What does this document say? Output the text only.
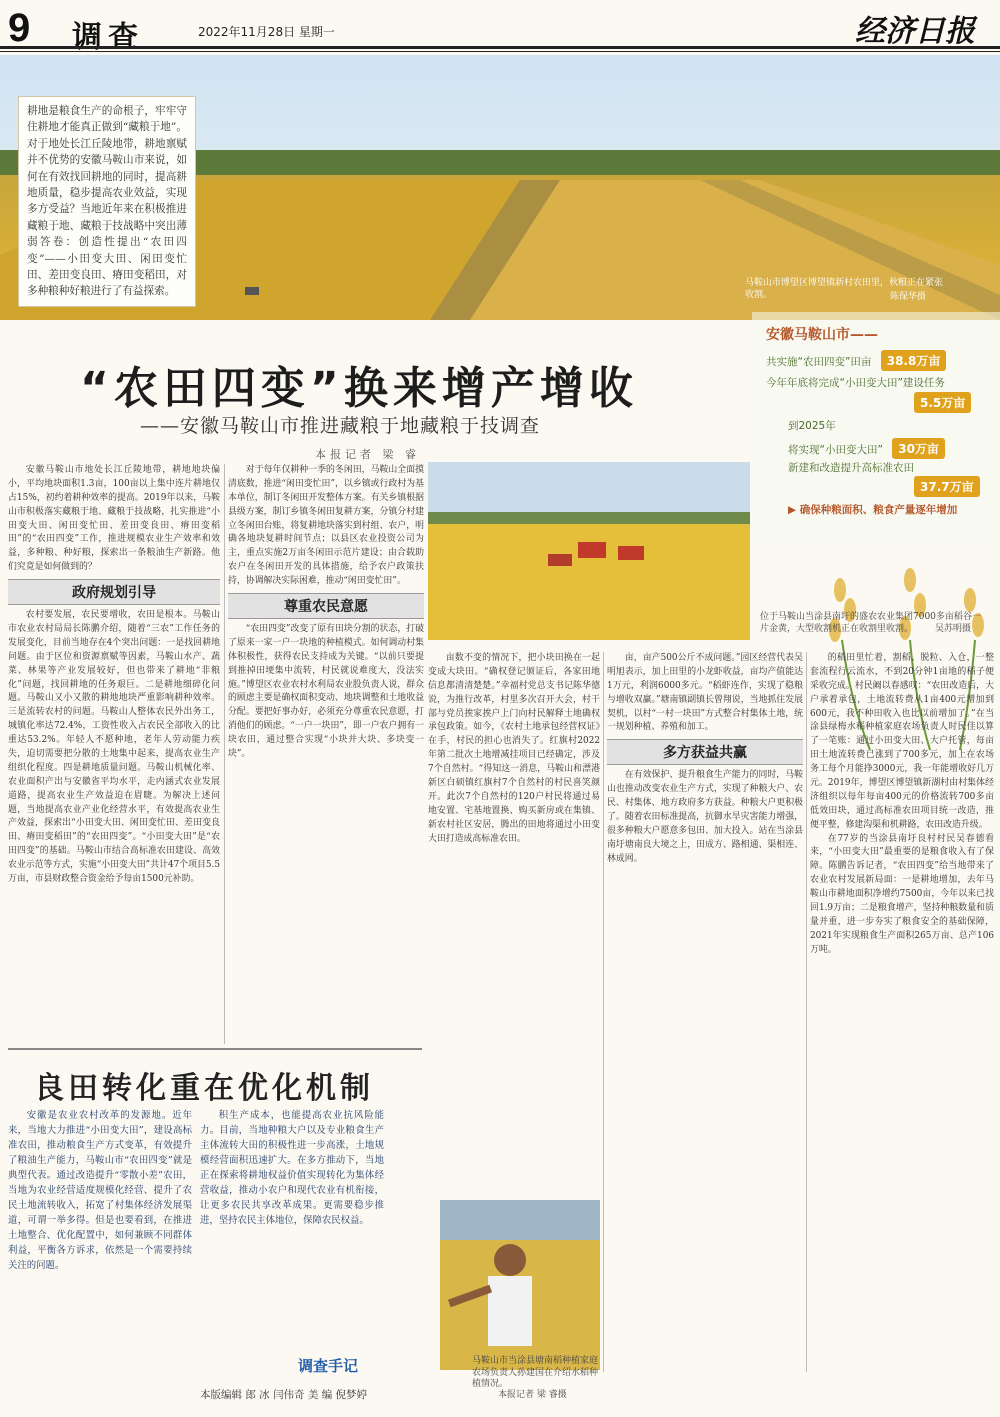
9 调查	2022年11月28日 星期一	经济日报
耕地是粮食生产的命根子，牢牢守住耕地才能真正做到“藏粮于地”。对于地处长江丘陵地带，耕地禀赋并不优势的安徽马鞍山市来说，如何在有效找回耕地的同时，提高耕地质量，稳步提高农业效益，实现多方受益？当地近年来在积极推进藏粮于地、藏粮于技战略中突出薄弱答卷：创造性提出“农田四变”——小田变大田、闲田变忙田、差田变良田、瘠田变稻田，对多种粮种好粮进行了有益探索。
马鞍山市博望区博望镇新村农田里，秋粮正在紧张收割。	陈保华摄
“农田四变”换来增产增收
——安徽马鞍山市推进藏粮于地藏粮于技调查
本报记者 梁 睿
安徽马鞍山市——
共实施“农田四变”田亩 38.8万亩
今年年底将完成“小田变大田”建设任务
5.5万亩
到2025年
将实现“小田变大田” 30万亩
新建和改造提升高标准农田
37.7万亩
▶ 确保种粮面积、粮食产量逐年增加

安徽马鞍山市地处长江丘陵地带，耕地地块偏小，平均地块面积1.3亩，100亩以上集中连片耕地仅占15%，初约着耕种效率的提高。2019年以来，马鞍山市积极落实藏粮于地、藏粮于技战略，扎实推进“小田变大田、闲田变忙田、差田变良田、瘠田变稻田”的“农田四变”工作，推进规模农业生产效率和效益，多种粮、种好粮，探索出一条粮油生产新路。他们究竟是如何做到的？

政府规划引导

农村要发展，农民要增收，农田是根本。马鞍山市农业农村局局长陈鹏介绍，随着“三农”工作任务的发展变化，目前当地存在4个突出问题：一是找回耕地问题。由于区位和资源禀赋等因素，马鞍山水产、蔬菜、林果等产业发展较好，但也带来了耕地“非粮化”问题，找回耕地的任务艰巨。二是耕地细碎化问题。马鞍山又小又散的耕地地块严重影响耕种效率。三是流转农村的问题。马鞍山人整体农民外出务工，城镇化率达72.4%，工资性收入占农民全部收入的比重达53.2%。年轻人不愿种地，老年人劳动能力疾失，迫切需要把分散的土地集中起来，提高农业生产组织化程度。四是耕地质量问题。马鞍山机械化率、农业面积产出与安徽省平均水平，走内涵式农业发展道路，提高农业生产效益迫在眉睫。为解决上述问题，当地提高农业产业化经营水平，有效提高农业生产效益，探索出“小田变大田、闲田变忙田、差田变良田、瘠田变稻田”的“农田四变”。“小田变大田”是“农田四变”的基础。马鞍山市结合高标准农田建设、高效农业示范等方式，实施“小田变大田”共计47个项目5.5万亩，市县财政整合资金给予每亩1500元补助。

对于每年仅耕种一季的冬闲田，马鞍山全面摸清底数，推进“闲田变忙田”，以乡镇或行政村为基本单位，制订冬闲田开发整体方案。有关乡镇根据县级方案，制订乡镇冬闲田复耕方案，分镇分村建立冬闲田台账，将复耕地块落实到村组、农户，明确各地块复耕时间节点；以县区农业投资公司为主，重点实施2万亩冬闲田示范片建设；由合载助农户在冬闲田开发的具体措施，给予农户政策扶持，协调解决实际困难，推动“闲田变忙田”。

尊重农民意愿

“农田四变”改变了原有田块分割的状态，打破了原来一家一户一块地的种植模式。如何调动村集体积极性，获得农民支持成为关键。“以前只要提到推掉田埂集中流转，村民就说难度大，没法实施。”博望区农业农村水利局农业股负责人说，群众的顾虑主要是确权面积变动、地块调整和土地收益分配。要把好事办好，必须充分尊重农民意愿，打消他们的顾虑。“一户一块田”，即一户农户拥有一块农田，通过整合实现“小块并大块、多块变一块”。

位于马鞍山当涂县南圩的盛农农业集团7000多亩稻谷一片金黄，大型收割机正在收割里收割。	吴苏明摄

亩数不变的情况下，把小块田换在一起变成大块田。“确权登记颁证后，各家田地信息都清清楚楚。”幸福村党总支书记陈华德说，为推行改革，村里多次召开大会，村干部与党员挨家挨户上门向村民解释土地确权承包政策。如今，《农村土地承包经营权证》在手，村民的担心也消失了。红旗村2022年第二批次土地增减挂项目已经确定，涉及7个自然村。“得知这一消息，马鞍山和漂港新区白硕镇红旗村7个自然村的村民喜笑颜开。此次7个自然村的120户村民将通过易地安置、宅基地置换、购买新房或在集镇、新农村社区安居，腾出的田地将通过小田变大田打造成高标准农田。

亩，亩产500公斤不成问题。”园区经营代表吴明旭表示，加上田里的小龙虾收益，亩均产值能达1万元，利润6000多元。“稻虾连作，实现了稳粮与增收双赢。”塘南镇副镇长曾翔说，当地抓住发展契机，以村“一村一块田”方式整合村集体土地，统一规划种植、养殖和加工。

多方获益共赢

在有效保护、提升粮食生产能力的同时，马鞍山也推动改变农业生产方式，实现了种粮大户、农民、村集体、地方政府多方获益。种粮大户更积极了。随着农田标准提高，抗御水旱灾害能力增强，很多种粮大户愿意多包田、加大投入。站在当涂县南圩塘南良大境之上，田成方、路相通、渠相连、林成网。

的稻田里忙着，割稻、脱粒、入仓，一整套流程行云流水，不到20分钟1亩地的稻子便采收完成。村民阚以春感叹：“农田改造后，大户承着承包，土地流转费从1亩400元增加到600元，我不种田收入也比以前增加了。”在当涂县绿梅水稻种植家庭农场负责人时民佳以算了一笔账：通过小田变大田、大户托管，每亩田土地流转费已涨到了700多元，加上在农场务工每个月能挣3000元，我一年能增收好几万元。2019年，博望区博望镇新湖村由村集体经济组织以每年每亩400元的价格流转700多亩低效田块，通过高标准农田项目统一改造，推便平整，修建沟渠和机耕路，农田改造升级。

在77岁的当涂县南圩良村村民吴春德看来，“小田变大田”最重要的是粮食收入有了保障。陈鹏告诉记者，“农田四变”给当地带来了农业农村发展新局面：一是耕地增加，去年马鞍山市耕地面积净增约7500亩，今年以来已找回1.9万亩；二是粮食增产，坚持种粮数量和质量并重，进一步夯实了粮食安全的基础保障，2021年实现粮食生产面积265万亩、总产106万吨。

良田转化重在优化机制

安徽是农业农村改革的发源地。近年来，当地大力推进“小田变大田”，建设高标准农田，推动粮食生产方式变革，有效提升了粮油生产能力，马鞍山市“农田四变”就是典型代表。通过改造提升“零散小差”农田，当地为农业经营适度规模化经营、提升了农民土地流转收入，拓宽了村集体经济发展渠道，可谓一举多得。但是也要看到，在推进土地整合、优化配置中，如何兼顾不同群体利益，平衡各方诉求，依然是一个需要持续关注的问题。

积生产成本，也能提高农业抗风险能力。目前，当地种粮大户以及专业粮食生产主体流转大田的积极性进一步高涨，土地规模经营面积迅速扩大。在多方推动下，当地正在探索将耕地权益价值实现转化为集体经营收益，推动小农户和现代农业有机衔接，让更多农民共享改革成果。更需要稳步推进，坚持农民主体地位，保障农民权益。

调查手记
本版编辑 郎 冰 闫伟奇 美 编 倪梦婷
马鞍山市当涂县塘南稻种植家庭农场负责人孙建国在介绍水稻种植情况。
本报记者 梁 睿摄
